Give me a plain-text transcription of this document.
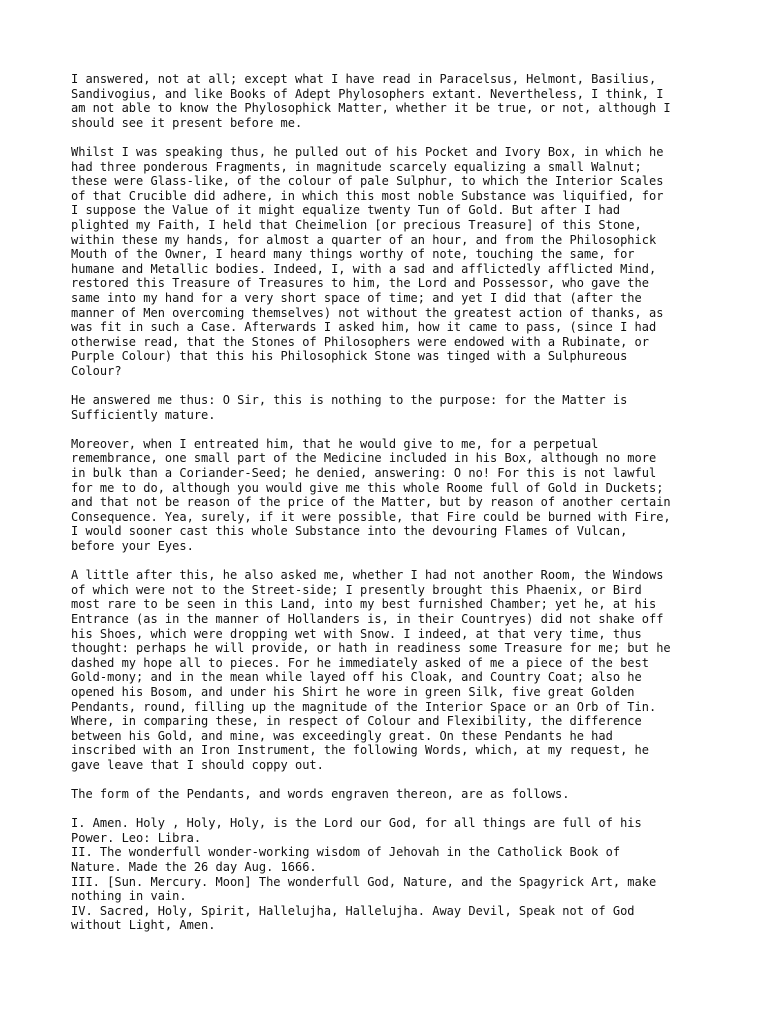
I answered, not at all; except what I have read in Paracelsus, Helmont, Basilius,
Sandivogius, and like Books of Adept Phylosophers extant. Nevertheless, I think, I
am not able to know the Phylosophick Matter, whether it be true, or not, although I
should see it present before me.

Whilst I was speaking thus, he pulled out of his Pocket and Ivory Box, in which he
had three ponderous Fragments, in magnitude scarcely equalizing a small Walnut;
these were Glass-like, of the colour of pale Sulphur, to which the Interior Scales
of that Crucible did adhere, in which this most noble Substance was liquified, for
I suppose the Value of it might equalize twenty Tun of Gold. But after I had
plighted my Faith, I held that Cheimelion [or precious Treasure] of this Stone,
within these my hands, for almost a quarter of an hour, and from the Philosophick
Mouth of the Owner, I heard many things worthy of note, touching the same, for
humane and Metallic bodies. Indeed, I, with a sad and afflictedly afflicted Mind,
restored this Treasure of Treasures to him, the Lord and Possessor, who gave the
same into my hand for a very short space of time; and yet I did that (after the
manner of Men overcoming themselves) not without the greatest action of thanks, as
was fit in such a Case. Afterwards I asked him, how it came to pass, (since I had
otherwise read, that the Stones of Philosophers were endowed with a Rubinate, or
Purple Colour) that this his Philosophick Stone was tinged with a Sulphureous
Colour?

He answered me thus: O Sir, this is nothing to the purpose: for the Matter is
Sufficiently mature.

Moreover, when I entreated him, that he would give to me, for a perpetual
remembrance, one small part of the Medicine included in his Box, although no more
in bulk than a Coriander-Seed; he denied, answering: O no! For this is not lawful
for me to do, although you would give me this whole Roome full of Gold in Duckets;
and that not be reason of the price of the Matter, but by reason of another certain
Consequence. Yea, surely, if it were possible, that Fire could be burned with Fire,
I would sooner cast this whole Substance into the devouring Flames of Vulcan,
before your Eyes.

A little after this, he also asked me, whether I had not another Room, the Windows
of which were not to the Street-side; I presently brought this Phaenix, or Bird
most rare to be seen in this Land, into my best furnished Chamber; yet he, at his
Entrance (as in the manner of Hollanders is, in their Countryes) did not shake off
his Shoes, which were dropping wet with Snow. I indeed, at that very time, thus
thought: perhaps he will provide, or hath in readiness some Treasure for me; but he
dashed my hope all to pieces. For he immediately asked of me a piece of the best
Gold-mony; and in the mean while layed off his Cloak, and Country Coat; also he
opened his Bosom, and under his Shirt he wore in green Silk, five great Golden
Pendants, round, filling up the magnitude of the Interior Space or an Orb of Tin.
Where, in comparing these, in respect of Colour and Flexibility, the difference
between his Gold, and mine, was exceedingly great. On these Pendants he had
inscribed with an Iron Instrument, the following Words, which, at my request, he
gave leave that I should coppy out.

The form of the Pendants, and words engraven thereon, are as follows.

I. Amen. Holy , Holy, Holy, is the Lord our God, for all things are full of his
Power. Leo: Libra.
II. The wonderfull wonder-working wisdom of Jehovah in the Catholick Book of
Nature. Made the 26 day Aug. 1666.
III. [Sun. Mercury. Moon] The wonderfull God, Nature, and the Spagyrick Art, make
nothing in vain.
IV. Sacred, Holy, Spirit, Hallelujha, Hallelujha. Away Devil, Speak not of God
without Light, Amen.
